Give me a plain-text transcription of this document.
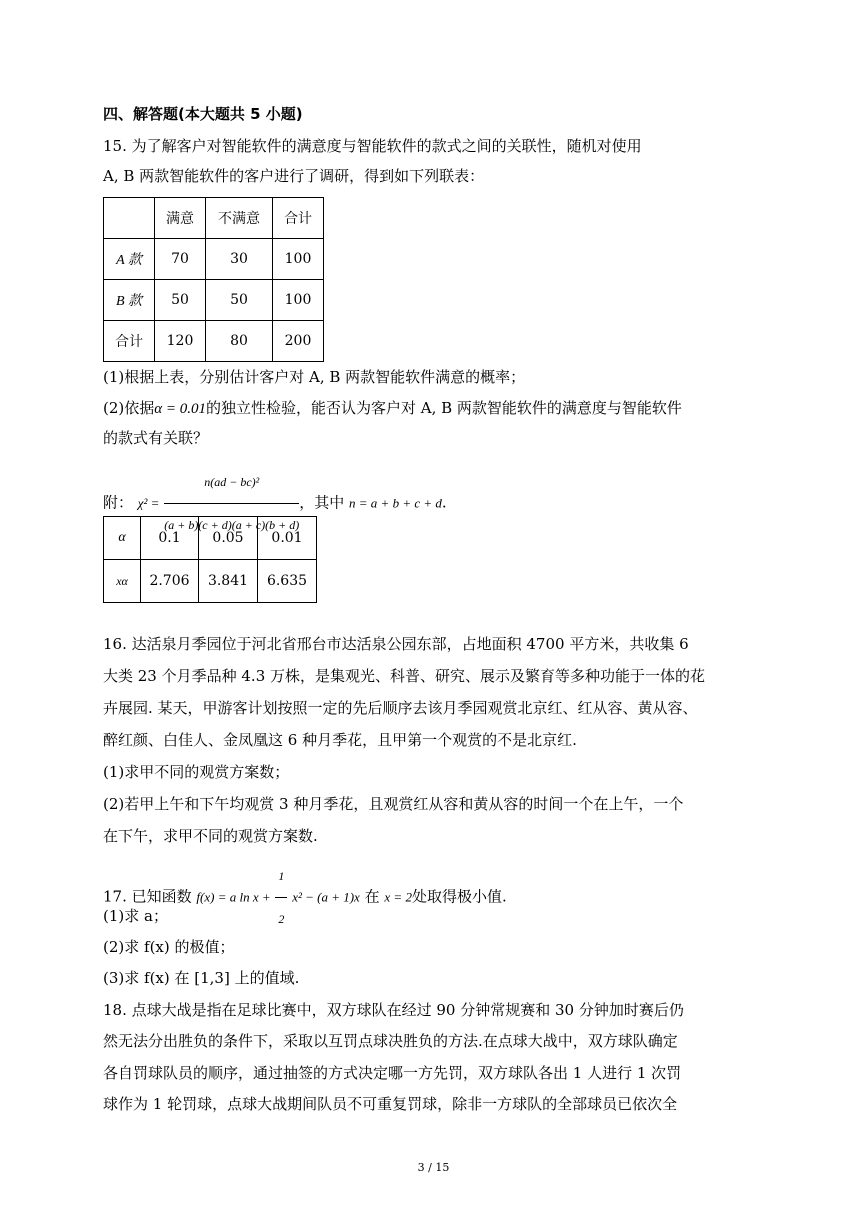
四、解答题(本大题共 5 小题)
15. 为了解客户对智能软件的满意度与智能软件的款式之间的关联性，随机对使用
A, B 两款智能软件的客户进行了调研，得到如下列联表：
	满意	不满意	合计
A 款	70	30	100
B 款	50	50	100
合计	120	80	200
(1)根据上表，分别估计客户对 A, B 两款智能软件满意的概率；
(2)依据α = 0.01的独立性检验，能否认为客户对 A, B 两款智能软件的满意度与智能软件
的款式有关联？
附： $\chi^2 = \frac{\text{n(ad − bc)²}}{(a + b)(c + d)(a + c)(b + d)}$ ，其中 n = a + b + c + d.
α	0.1	0.05	0.01
xα	2.706	3.841	6.635
16. 达活泉月季园位于河北省邢台市达活泉公园东部，占地面积 4700 平方米，共收集 6
大类 23 个月季品种 4.3 万株，是集观光、科普、研究、展示及繁育等多种功能于一体的花
卉展园. 某天，甲游客计划按照一定的先后顺序去该月季园观赏北京红、红从容、黄从容、
醉红颜、白佳人、金凤凰这 6 种月季花，且甲第一个观赏的不是北京红.
(1)求甲不同的观赏方案数；
(2)若甲上午和下午均观赏 3 种月季花，且观赏红从容和黄从容的时间一个在上午，一个
在下午，求甲不同的观赏方案数.
17. 已知函数 f(x) = a $\ln x + \frac{1}{2} x^2 - (a + 1)x$ 在 x = 2处取得极小值.
(1)求 a；
(2)求 f(x) 的极值；
(3)求 f(x) 在 [1,3] 上的值域.
18. 点球大战是指在足球比赛中，双方球队在经过 90 分钟常规赛和 30 分钟加时赛后仍
然无法分出胜负的条件下，采取以互罚点球决胜负的方法.在点球大战中，双方球队确定
各自罚球队员的顺序，通过抽签的方式决定哪一方先罚，双方球队各出 1 人进行 1 次罚
球作为 1 轮罚球，点球大战期间队员不可重复罚球，除非一方球队的全部球员已依次全
3 / 15
